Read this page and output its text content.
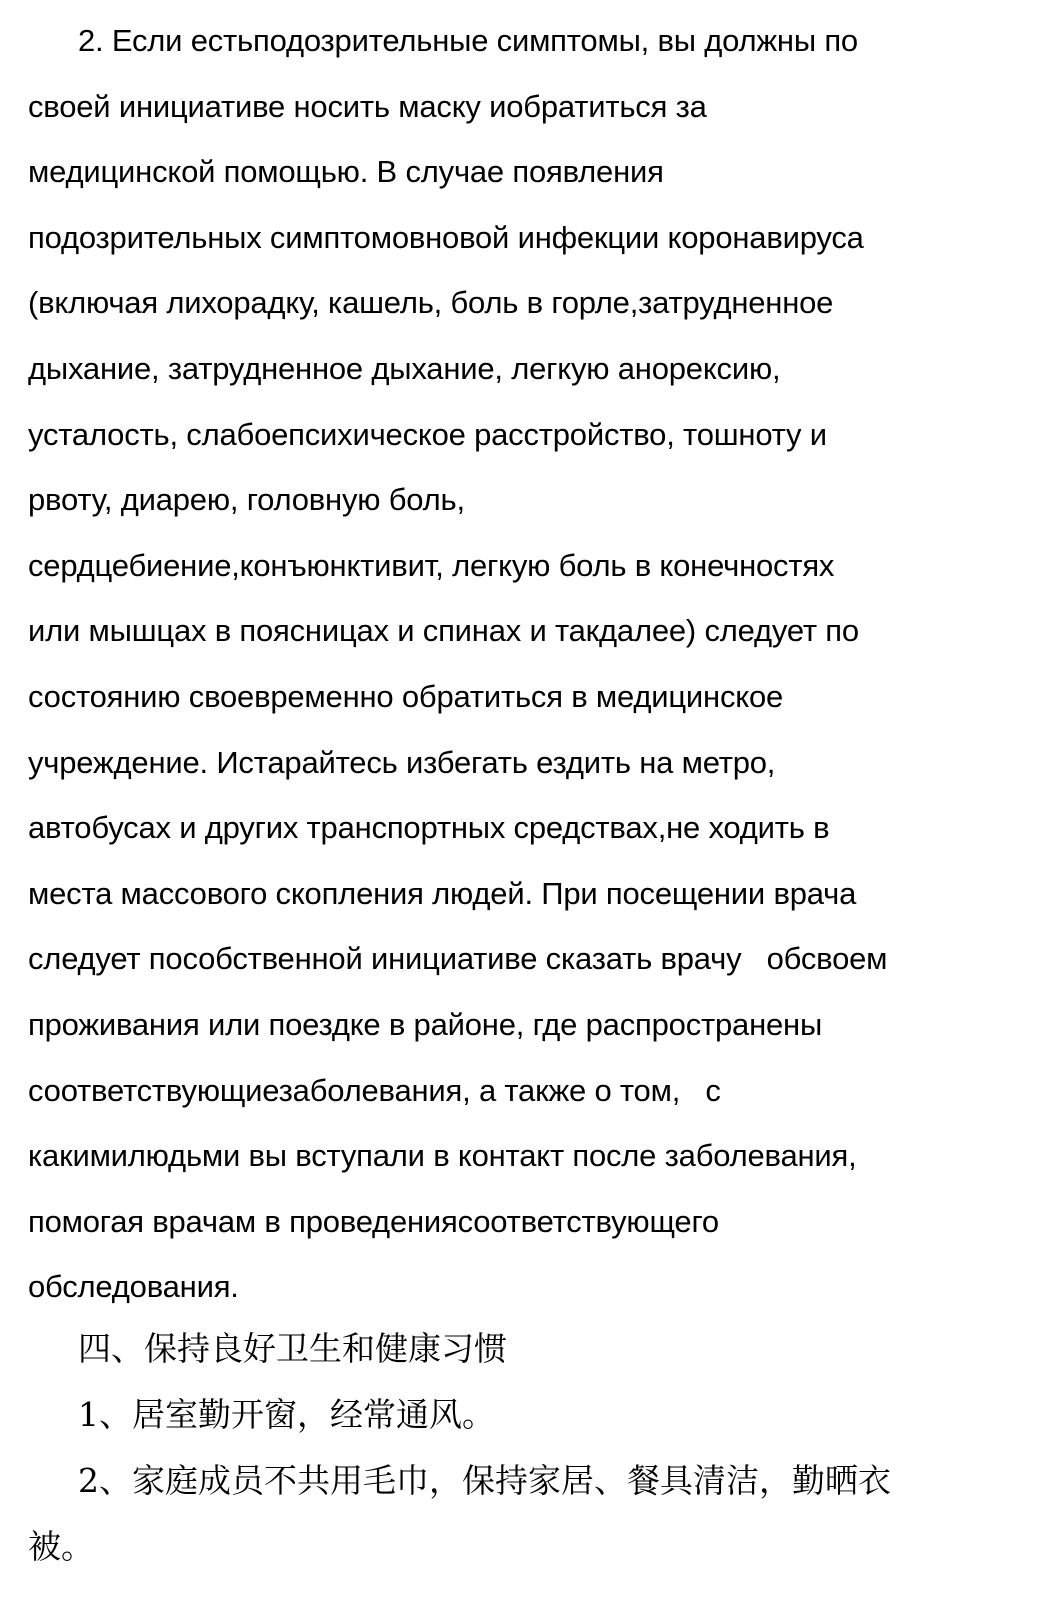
2. Если естьподозрительные симптомы, вы должны по
своей инициативе носить маску иобратиться за
медицинской помощью. В случае появления
подозрительных симптомовновой инфекции коронавируса
(включая лихорадку, кашель, боль в горле,затрудненное
дыхание, затрудненное дыхание, легкую анорексию,
усталость, слабоепсихическое расстройство, тошноту и
рвоту, диарею, головную боль,
сердцебиение,конъюнктивит, легкую боль в конечностях
или мышцах в поясницах и спинах и такдалее) следует по
состоянию своевременно обратиться в медицинское
учреждение. Истарайтесь избегать ездить на метро,
автобусах и других транспортных средствах,не ходить в
места массового скопления людей. При посещении врача
следует пособственной инициативе сказать врачу   обсвоем
проживания или поездке в районе, где распространены
соответствующиезаболевания, а также о том,   с
какимилюдьми вы вступали в контакт после заболевания,
помогая врачам в проведениясоответствующего
обследования.
四、保持良好卫生和健康习惯
1、居室勤开窗，经常通风。
2、家庭成员不共用毛巾，保持家居、餐具清洁，勤晒衣
被。
